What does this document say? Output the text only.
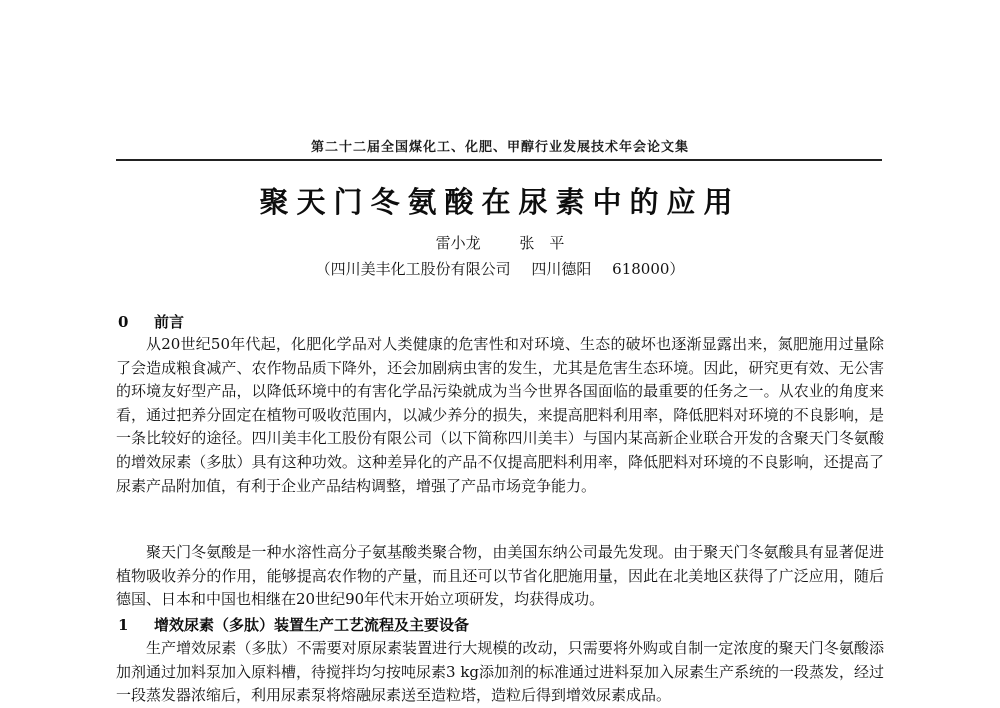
第二十二届全国煤化工、化肥、甲醇行业发展技术年会论文集
聚天门冬氨酸在尿素中的应用
雷小龙	张　平
（四川美丰化工股份有限公司 四川德阳 618000）
0 前言
从20世纪50年代起，化肥化学品对人类健康的危害性和对环境、生态的破坏也逐渐显露出来，氮肥施用过量除了会造成粮食减产、农作物品质下降外，还会加剧病虫害的发生，尤其是危害生态环境。因此，研究更有效、无公害的环境友好型产品，以降低环境中的有害化学品污染就成为当今世界各国面临的最重要的任务之一。从农业的角度来看，通过把养分固定在植物可吸收范围内，以减少养分的损失，来提高肥料利用率，降低肥料对环境的不良影响，是一条比较好的途径。四川美丰化工股份有限公司（以下简称四川美丰）与国内某高新企业联合开发的含聚天门冬氨酸的增效尿素（多肽）具有这种功效。这种差异化的产品不仅提高肥料利用率，降低肥料对环境的不良影响，还提高了尿素产品附加值，有利于企业产品结构调整，增强了产品市场竞争能力。
聚天门冬氨酸是一种水溶性高分子氨基酸类聚合物，由美国东纳公司最先发现。由于聚天门冬氨酸具有显著促进植物吸收养分的作用，能够提高农作物的产量，而且还可以节省化肥施用量，因此在北美地区获得了广泛应用，随后德国、日本和中国也相继在20世纪90年代末开始立项研发，均获得成功。
1 增效尿素（多肽）装置生产工艺流程及主要设备
生产增效尿素（多肽）不需要对原尿素装置进行大规模的改动，只需要将外购或自制一定浓度的聚天门冬氨酸添加剂通过加料泵加入原料槽，待搅拌均匀按吨尿素3 kg添加剂的标准通过进料泵加入尿素生产系统的一段蒸发，经过一段蒸发器浓缩后，利用尿素泵将熔融尿素送至造粒塔，造粒后得到增效尿素成品。
